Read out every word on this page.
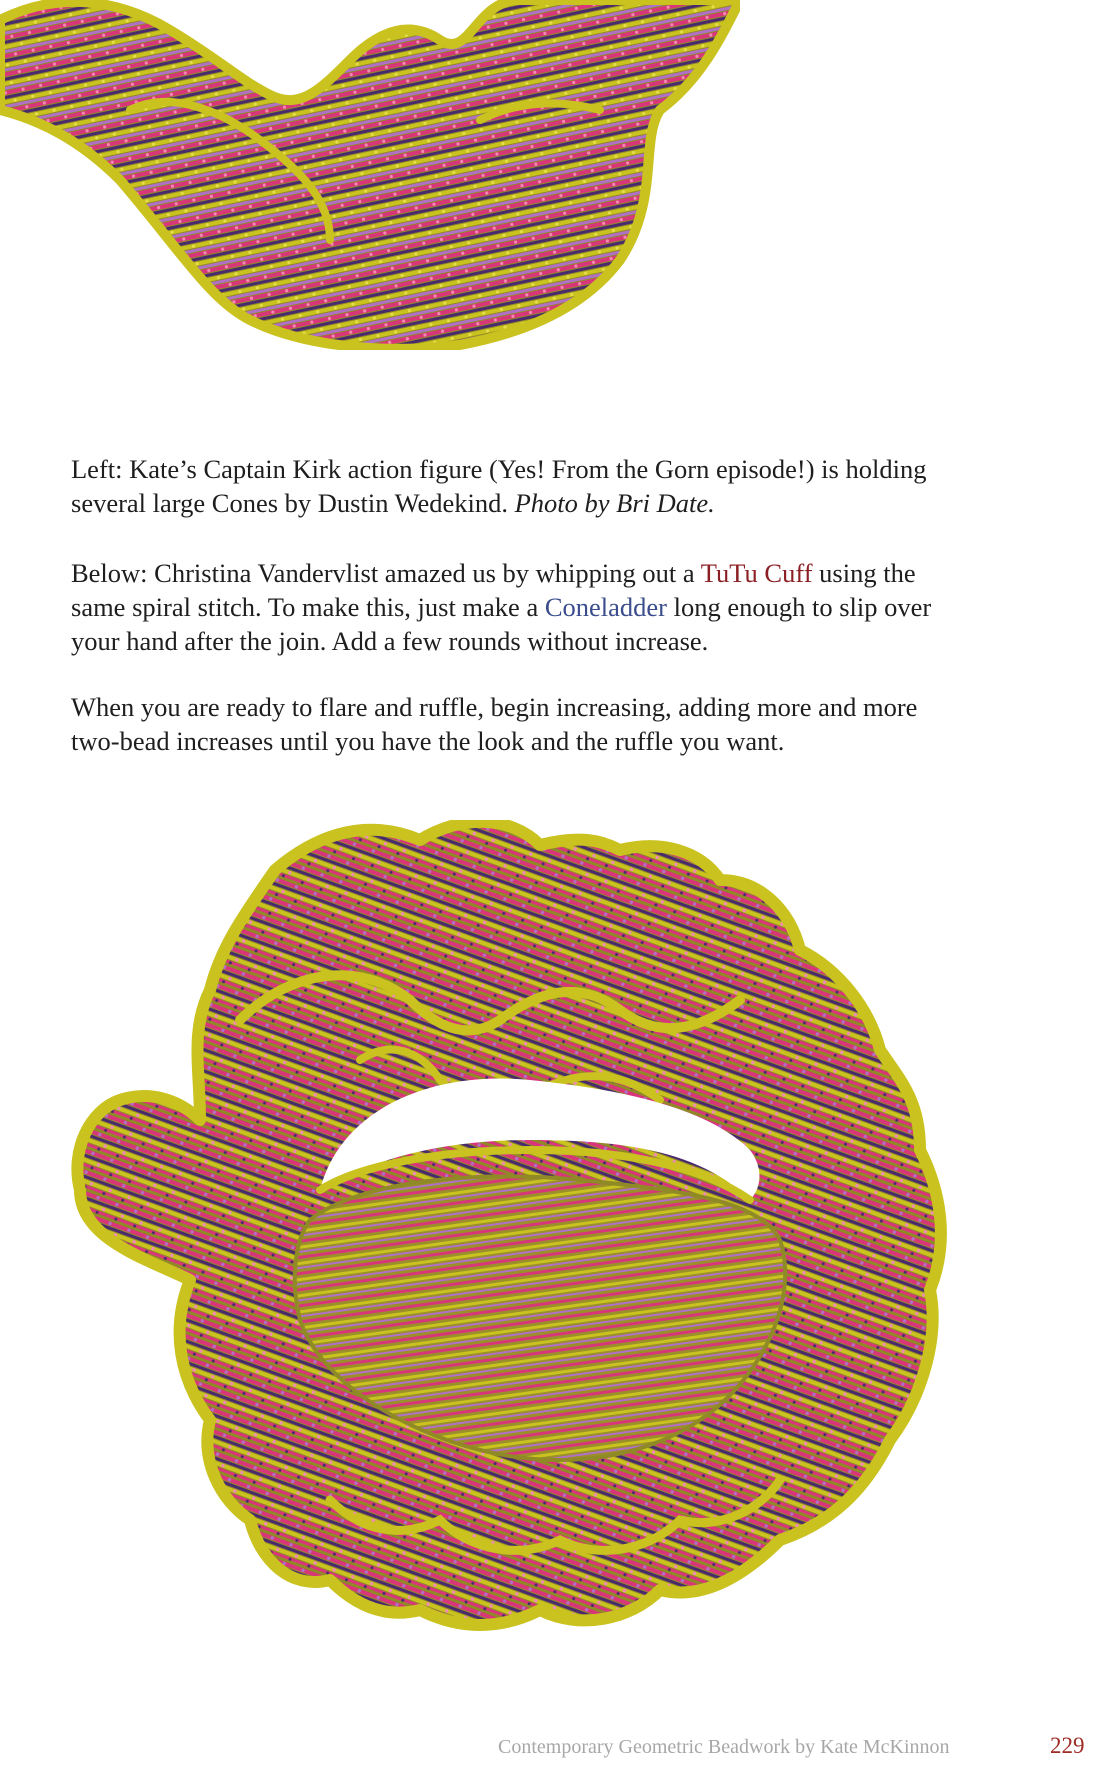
Left: Kate’s Captain Kirk action figure (Yes! From the Gorn episode!) is holding several large Cones by Dustin Wedekind. Photo by Bri Date.

Below: Christina Vandervlist amazed us by whipping out a TuTu Cuff using the same spiral stitch. To make this, just make a Coneladder long enough to slip over your hand after the join. Add a few rounds without increase.

When you are ready to flare and ruffle, begin increasing, adding more and more two-bead increases until you have the look and the ruffle you want.

Contemporary Geometric Beadwork by Kate McKinnon	229
